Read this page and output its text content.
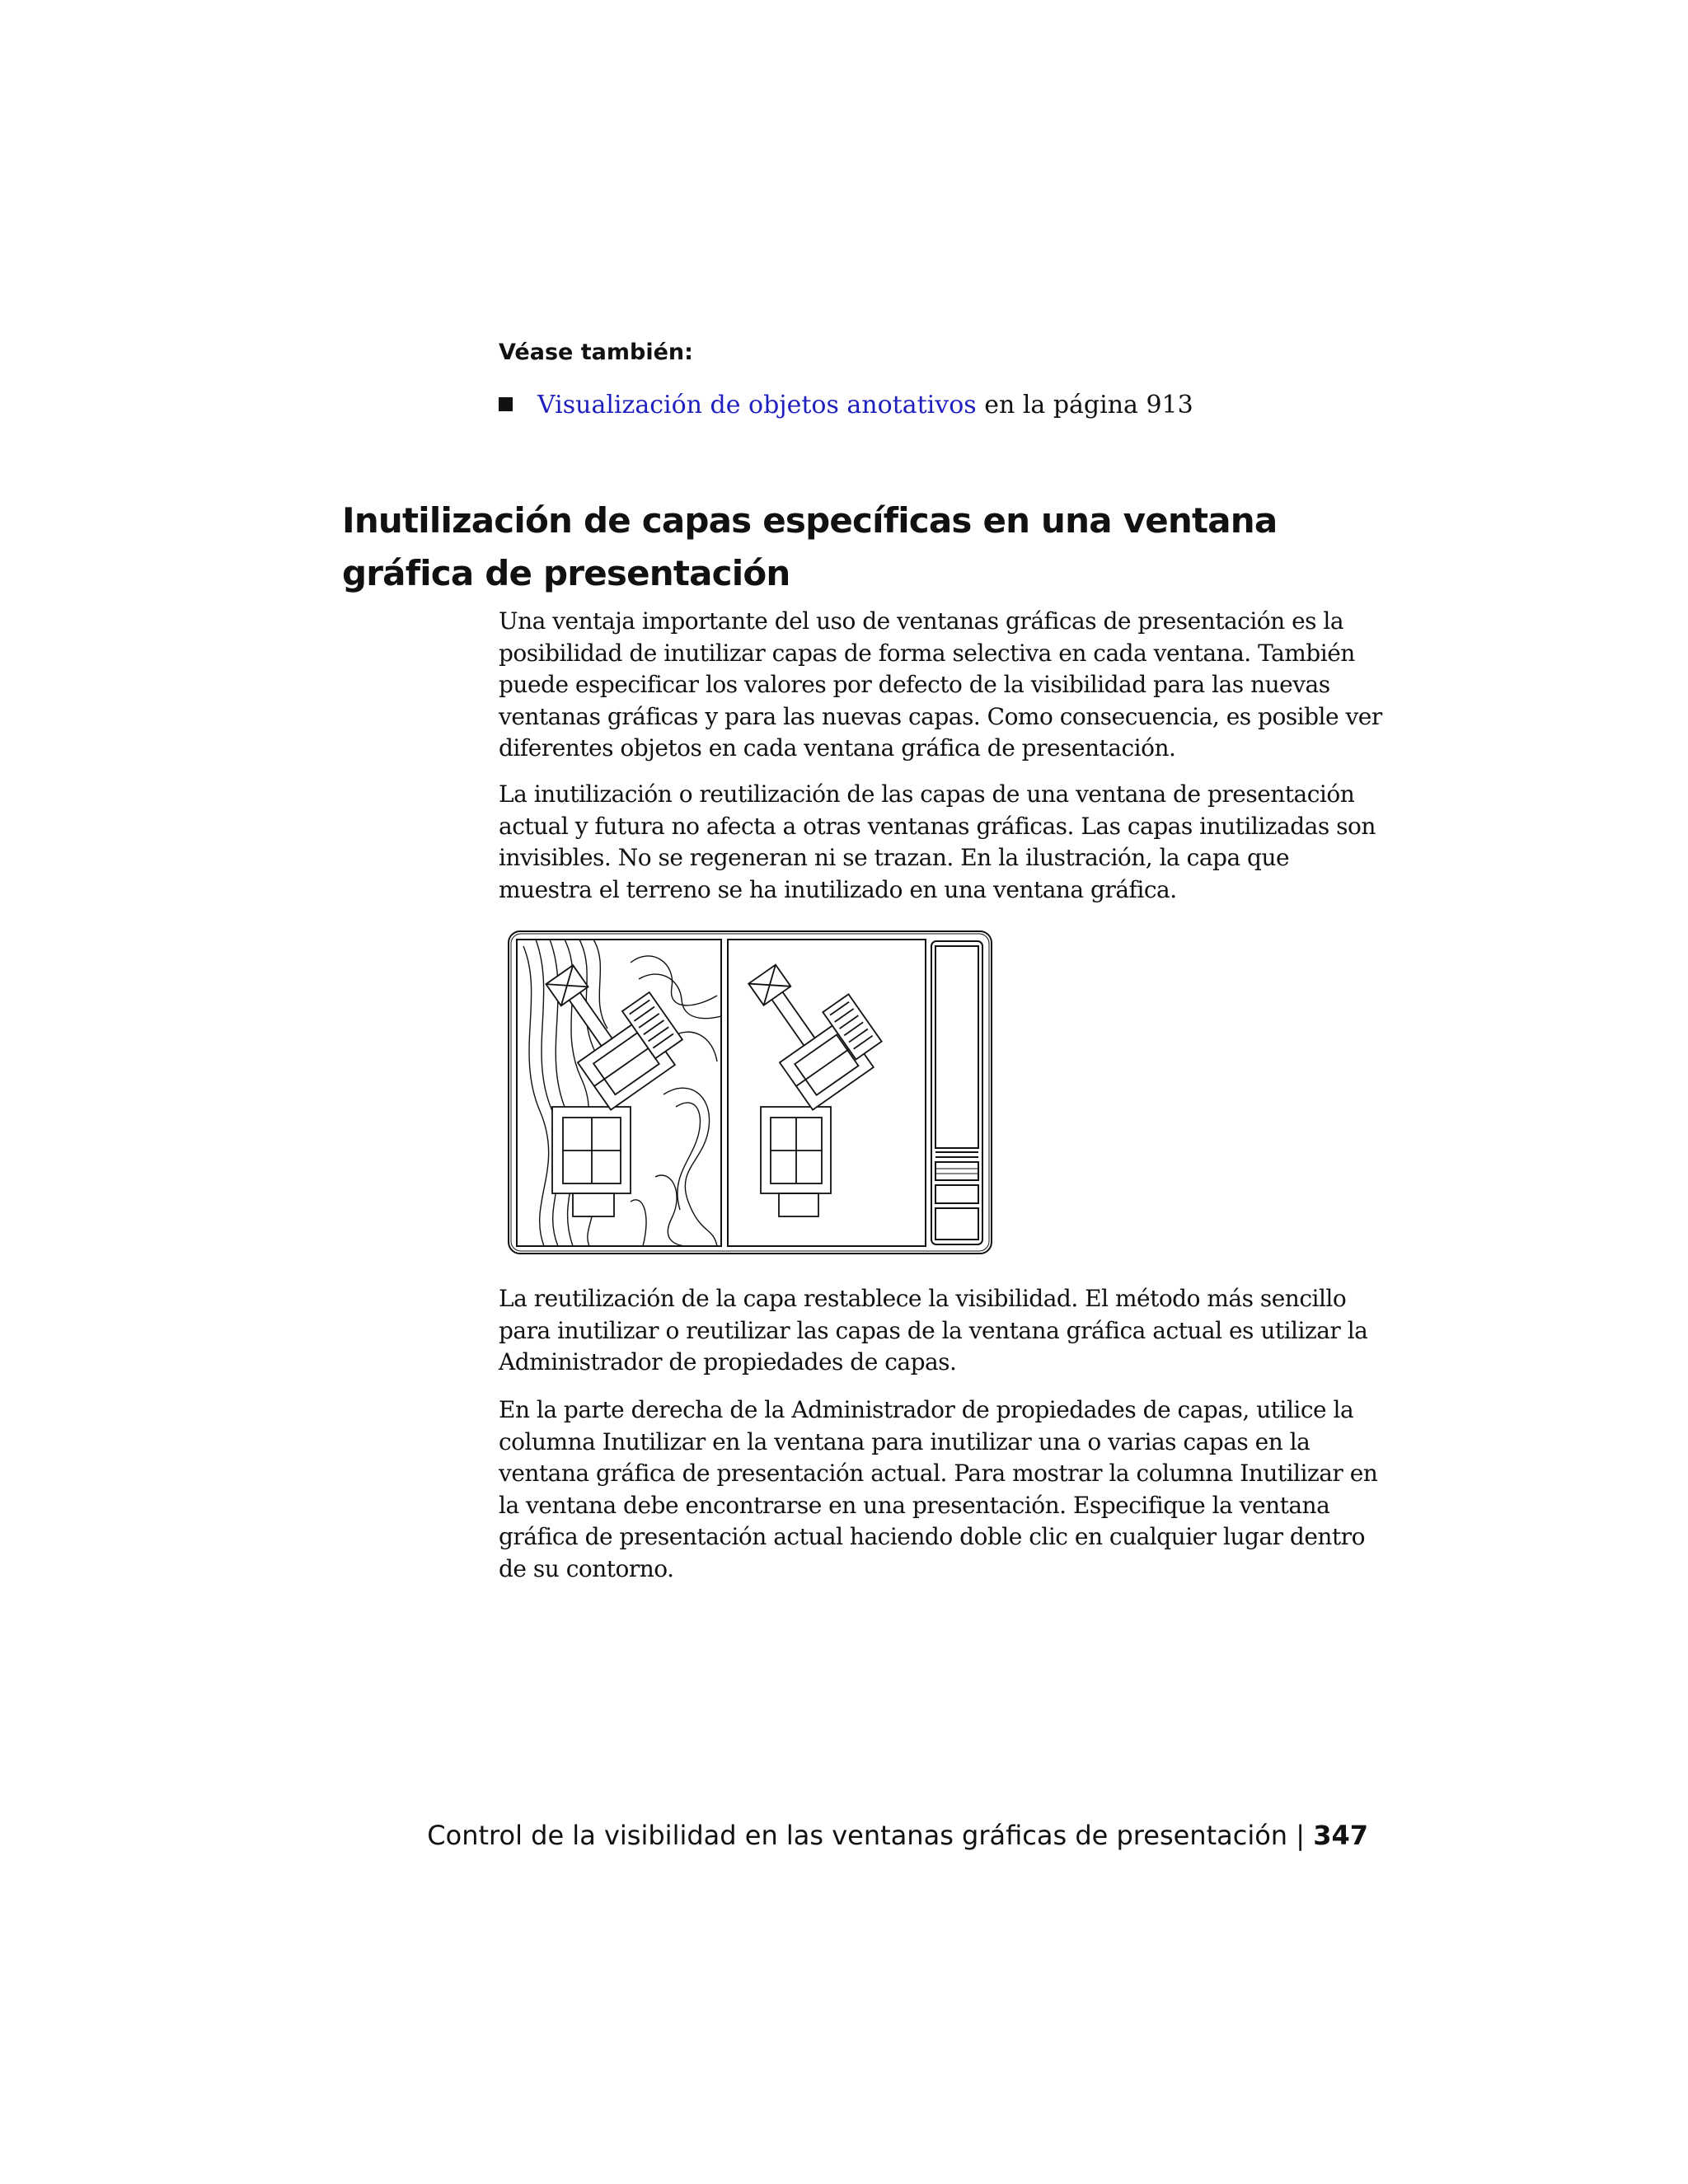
Véase también:
Visualización de objetos anotativos en la página 913
Inutilización de capas específicas en una ventana gráfica de presentación

Una ventaja importante del uso de ventanas gráficas de presentación es la posibilidad de inutilizar capas de forma selectiva en cada ventana. También puede especificar los valores por defecto de la visibilidad para las nuevas ventanas gráficas y para las nuevas capas. Como consecuencia, es posible ver diferentes objetos en cada ventana gráfica de presentación.

La inutilización o reutilización de las capas de una ventana de presentación actual y futura no afecta a otras ventanas gráficas. Las capas inutilizadas son invisibles. No se regeneran ni se trazan. En la ilustración, la capa que muestra el terreno se ha inutilizado en una ventana gráfica.

La reutilización de la capa restablece la visibilidad. El método más sencillo para inutilizar o reutilizar las capas de la ventana gráfica actual es utilizar la Administrador de propiedades de capas.

En la parte derecha de la Administrador de propiedades de capas, utilice la columna Inutilizar en la ventana para inutilizar una o varias capas en la ventana gráfica de presentación actual. Para mostrar la columna Inutilizar en la ventana debe encontrarse en una presentación. Especifique la ventana gráfica de presentación actual haciendo doble clic en cualquier lugar dentro de su contorno.

Control de la visibilidad en las ventanas gráficas de presentación | 347
